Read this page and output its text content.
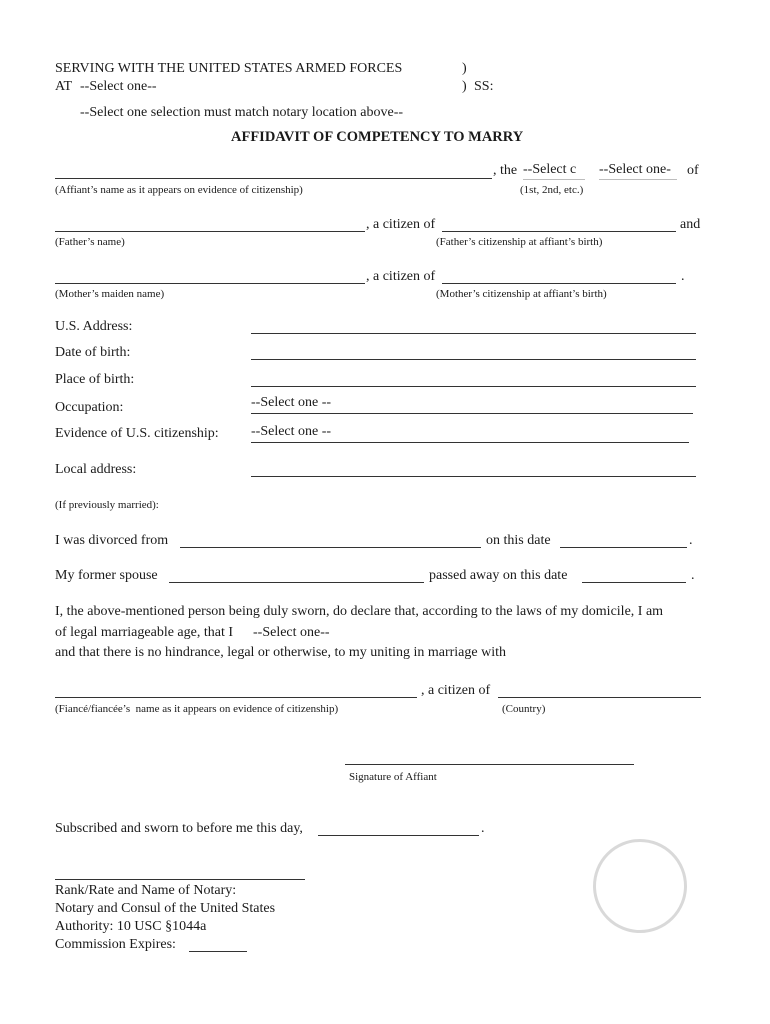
SERVING WITH THE UNITED STATES ARMED FORCES	)
AT --Select one--	) SS:
--Select one selection must match notary location above--
AFFIDAVIT OF COMPETENCY TO MARRY
, the --Select c	--Select one-	of
(Affiant’s name as it appears on evidence of citizenship)	(1st, 2nd, etc.)
, a citizen of	and
(Father’s name)	(Father’s citizenship at affiant’s birth)
, a citizen of	.
(Mother’s maiden name)	(Mother’s citizenship at affiant’s birth)
U.S. Address:
Date of birth:
Place of birth:
Occupation:	--Select one --
Evidence of U.S. citizenship: --Select one --
Local address:
(If previously married):
I was divorced from	on this date	.
My former spouse	passed away on this date	.
I, the above-mentioned person being duly sworn, do declare that, according to the laws of my domicile, I am
of legal marriageable age, that I --Select one--
and that there is no hindrance, legal or otherwise, to my uniting in marriage with
, a citizen of
(Fiancé/fiancée’s  name as it appears on evidence of citizenship)	(Country)
Signature of Affiant
Subscribed and sworn to before me this day,	.
Rank/Rate and Name of Notary:
Notary and Consul of the United States
Authority: 10 USC §1044a
Commission Expires:
